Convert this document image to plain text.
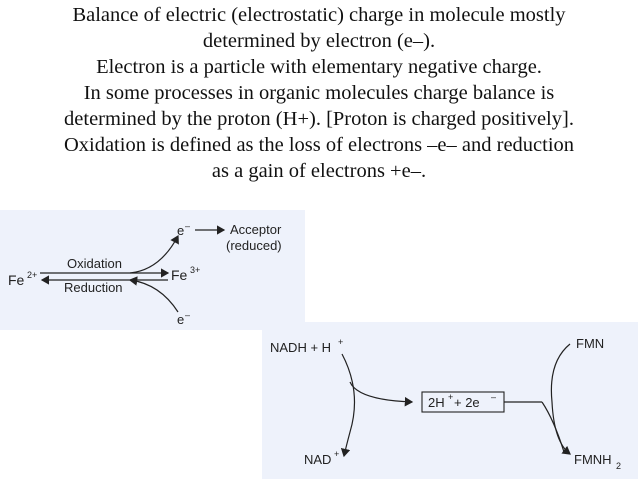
Balance of electric (electrostatic) charge in molecule mostly
determined by electron (e–).
Electron is a particle with elementary negative charge.
In some processes in organic molecules charge balance is
determined by the proton (H+). [Proton is charged positively].
Oxidation is defined as the loss of electrons –e– and reduction
as a gain of electrons +e–.
Fe 2+
Oxidation
Reduction
Fe 3+
e –	Acceptor
(reduced)
e –
NADH + H +
NAD +
2H + + 2e –
FMN
FMNH 2
